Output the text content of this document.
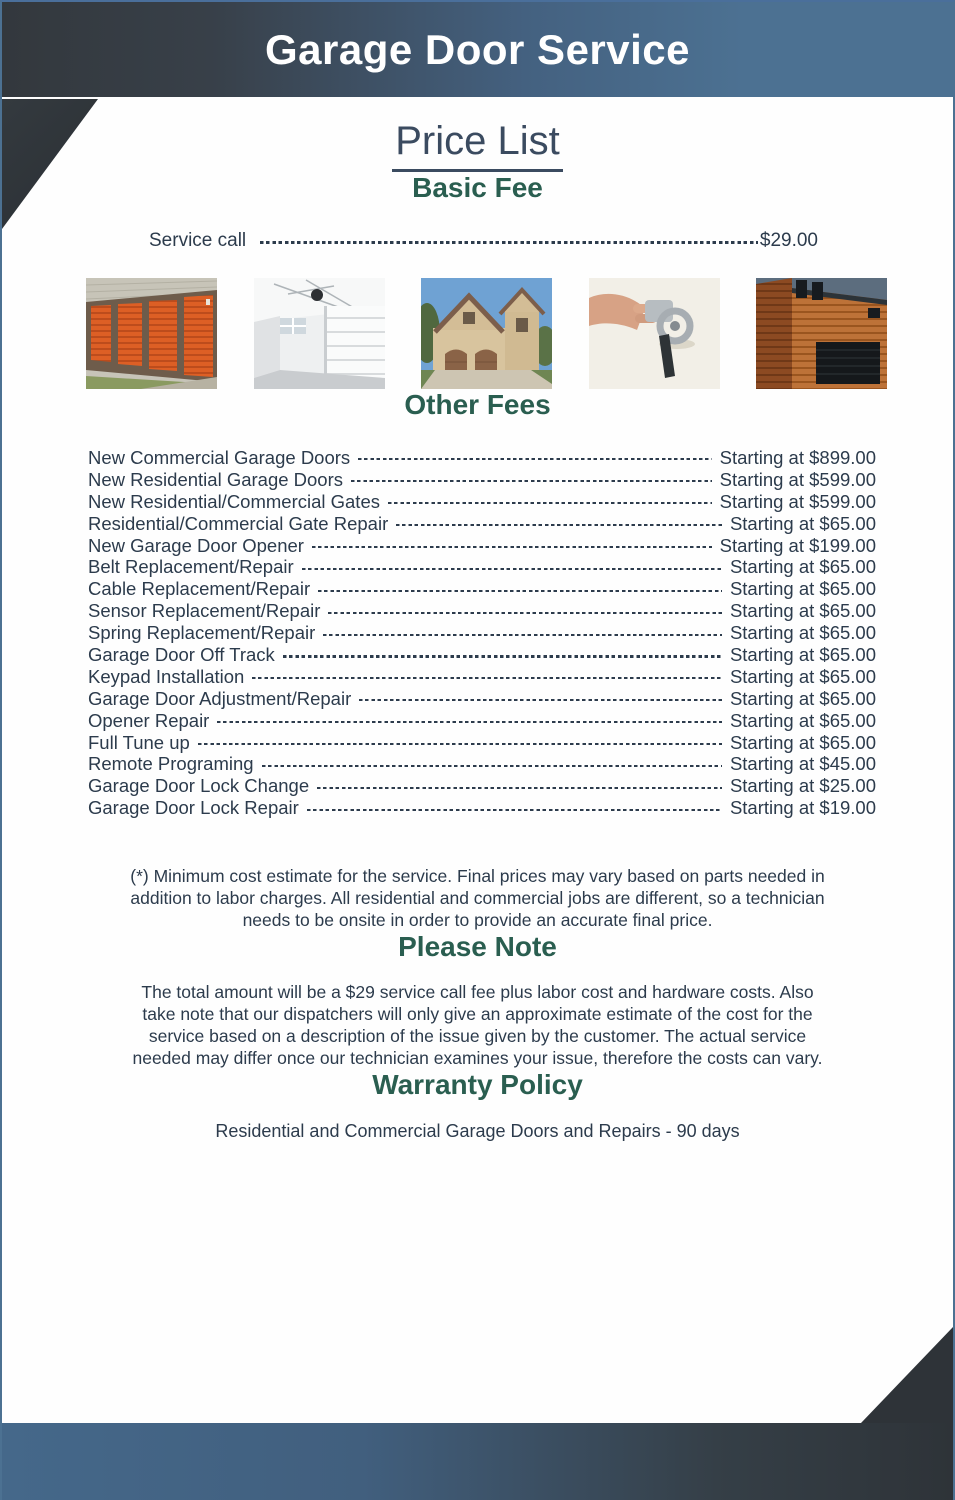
Garage Door Service
Price List
Basic Fee
Service call	$29.00
Other Fees
New Commercial Garage Doors	Starting at $899.00
New Residential Garage Doors	Starting at $599.00
New Residential/Commercial Gates	Starting at $599.00
Residential/Commercial Gate Repair	Starting at $65.00
New Garage Door Opener	Starting at $199.00
Belt Replacement/Repair	Starting at $65.00
Cable Replacement/Repair	Starting at $65.00
Sensor Replacement/Repair	Starting at $65.00
Spring Replacement/Repair	Starting at $65.00
Garage Door Off Track	Starting at $65.00
Keypad Installation	Starting at $65.00
Garage Door Adjustment/Repair	Starting at $65.00
Opener Repair	Starting at $65.00
Full Tune up	Starting at $65.00
Remote Programing	Starting at $45.00
Garage Door Lock Change	Starting at $25.00
Garage Door Lock Repair	Starting at $19.00

(*) Minimum cost estimate for the service. Final prices may vary based on parts needed in
addition to labor charges. All residential and commercial jobs are different, so a technician
needs to be onsite in order to provide an accurate final price.

Please Note

The total amount will be a $29 service call fee plus labor cost and hardware costs. Also
take note that our dispatchers will only give an approximate estimate of the cost for the
service based on a description of the issue given by the customer. The actual service
needed may differ once our technician examines your issue, therefore the costs can vary.

Warranty Policy

Residential and Commercial Garage Doors and Repairs - 90 days
